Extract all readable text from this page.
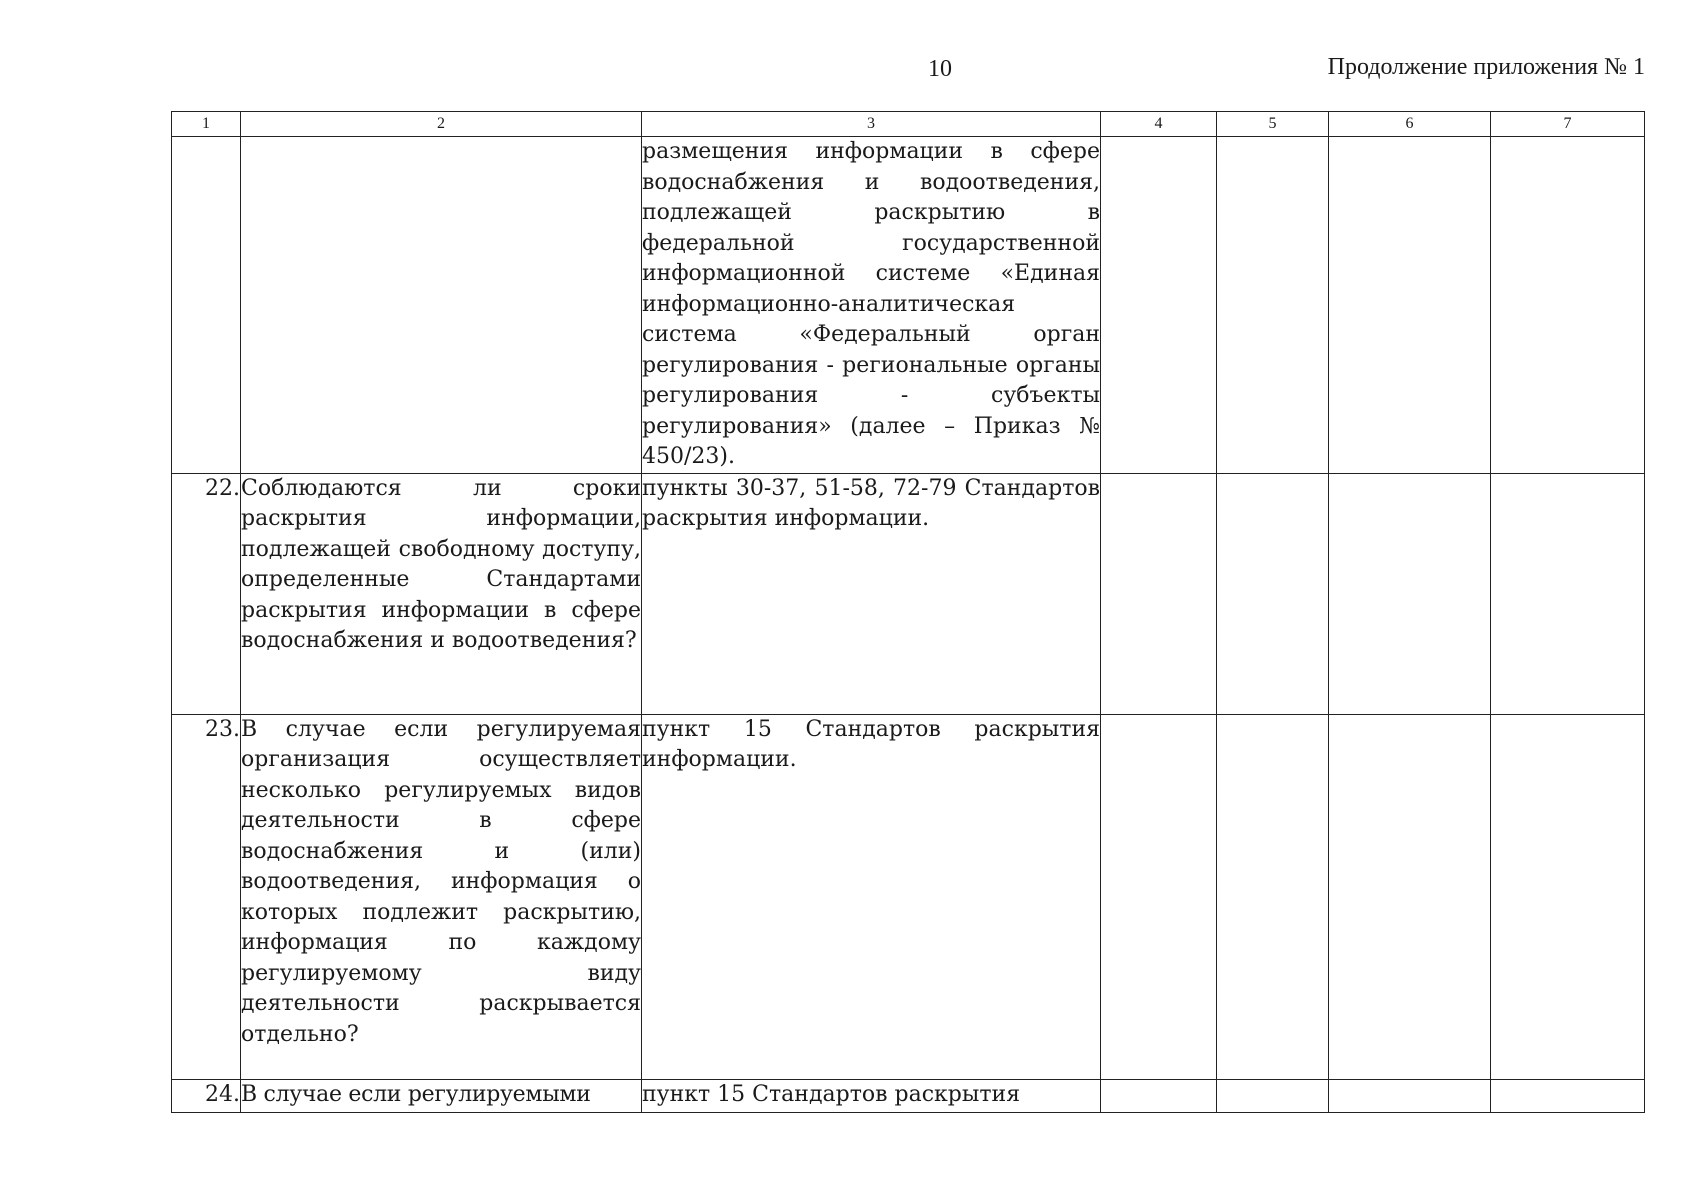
10	Продолжение приложения № 1
1	2	3	4	5	6	7
		размещения информации в сфере водоснабжения и водоотведения, подлежащей раскрытию в федеральной государственной информационной системе «Единая информационно-аналитическая система «Федеральный орган регулирования - региональные органы регулирования - субъекты регулирования» (далее – Приказ № 450/23).				
22.	Соблюдаются ли сроки раскрытия информации, подлежащей свободному доступу, определенные Стандартами раскрытия информации в сфере водоснабжения и водоотведения?	пункты 30-37, 51-58, 72-79 Стандартов раскрытия информации.				
23.	В случае если регулируемая организация осуществляет несколько регулируемых видов деятельности в сфере водоснабжения и (или) водоотведения, информация о которых подлежит раскрытию, информация по каждому регулируемому виду деятельности раскрывается отдельно?	пункт 15 Стандартов раскрытия информации.				
24.	В случае если регулируемыми	пункт 15 Стандартов раскрытия				
